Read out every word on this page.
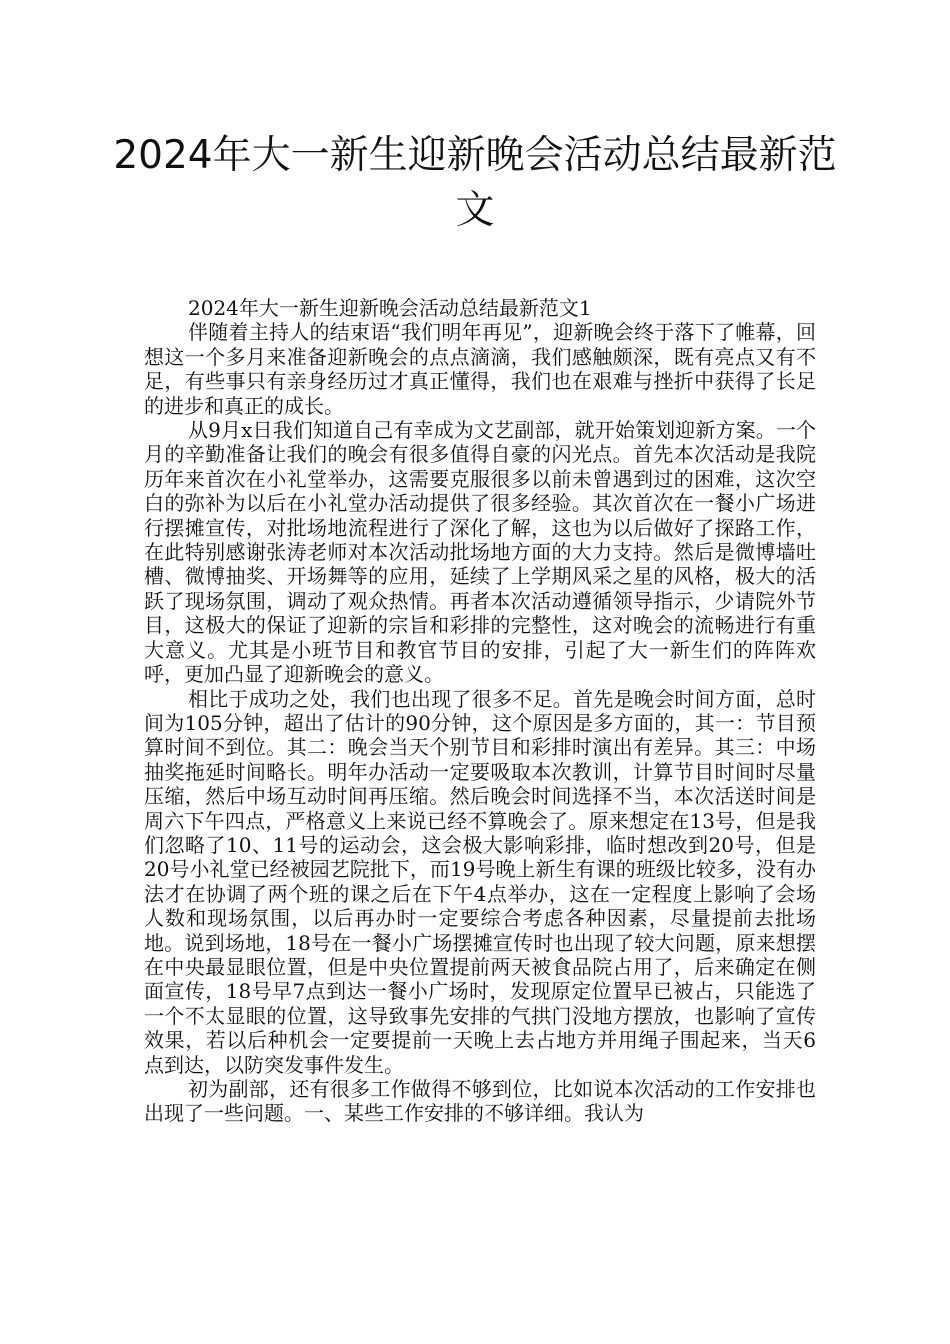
2024年大一新生迎新晚会活动总结最新范文

2024年大一新生迎新晚会活动总结最新范文1

伴随着主持人的结束语“我们明年再见”，迎新晚会终于落下了帷幕，回想这一个多月来准备迎新晚会的点点滴滴，我们感触颇深，既有亮点又有不足，有些事只有亲身经历过才真正懂得，我们也在艰难与挫折中获得了长足的进步和真正的成长。

从9月x日我们知道自己有幸成为文艺副部，就开始策划迎新方案。一个月的辛勤准备让我们的晚会有很多值得自豪的闪光点。首先本次活动是我院历年来首次在小礼堂举办，这需要克服很多以前未曾遇到过的困难，这次空白的弥补为以后在小礼堂办活动提供了很多经验。其次首次在一餐小广场进行摆摊宣传，对批场地流程进行了深化了解，这也为以后做好了探路工作，在此特别感谢张涛老师对本次活动批场地方面的大力支持。然后是微博墙吐槽、微博抽奖、开场舞等的应用，延续了上学期风采之星的风格，极大的活跃了现场氛围，调动了观众热情。再者本次活动遵循领导指示，少请院外节目，这极大的保证了迎新的宗旨和彩排的完整性，这对晚会的流畅进行有重大意义。尤其是小班节目和教官节目的安排，引起了大一新生们的阵阵欢呼，更加凸显了迎新晚会的意义。

相比于成功之处，我们也出现了很多不足。首先是晚会时间方面，总时间为105分钟，超出了估计的90分钟，这个原因是多方面的，其一：节目预算时间不到位。其二：晚会当天个别节目和彩排时演出有差异。其三：中场抽奖拖延时间略长。明年办活动一定要吸取本次教训，计算节目时间时尽量压缩，然后中场互动时间再压缩。然后晚会时间选择不当，本次活送时间是周六下午四点，严格意义上来说已经不算晚会了。原来想定在13号，但是我们忽略了10、11号的运动会，这会极大影响彩排，临时想改到20号，但是20号小礼堂已经被园艺院批下，而19号晚上新生有课的班级比较多，没有办法才在协调了两个班的课之后在下午4点举办，这在一定程度上影响了会场人数和现场氛围，以后再办时一定要综合考虑各种因素，尽量提前去批场地。说到场地，18号在一餐小广场摆摊宣传时也出现了较大问题，原来想摆在中央最显眼位置，但是中央位置提前两天被食品院占用了，后来确定在侧面宣传，18号早7点到达一餐小广场时，发现原定位置早已被占，只能选了一个不太显眼的位置，这导致事先安排的气拱门没地方摆放，也影响了宣传效果，若以后种机会一定要提前一天晚上去占地方并用绳子围起来，当天6点到达，以防突发事件发生。

初为副部，还有很多工作做得不够到位，比如说本次活动的工作安排也出现了一些问题。一、某些工作安排的不够详细。我认为
